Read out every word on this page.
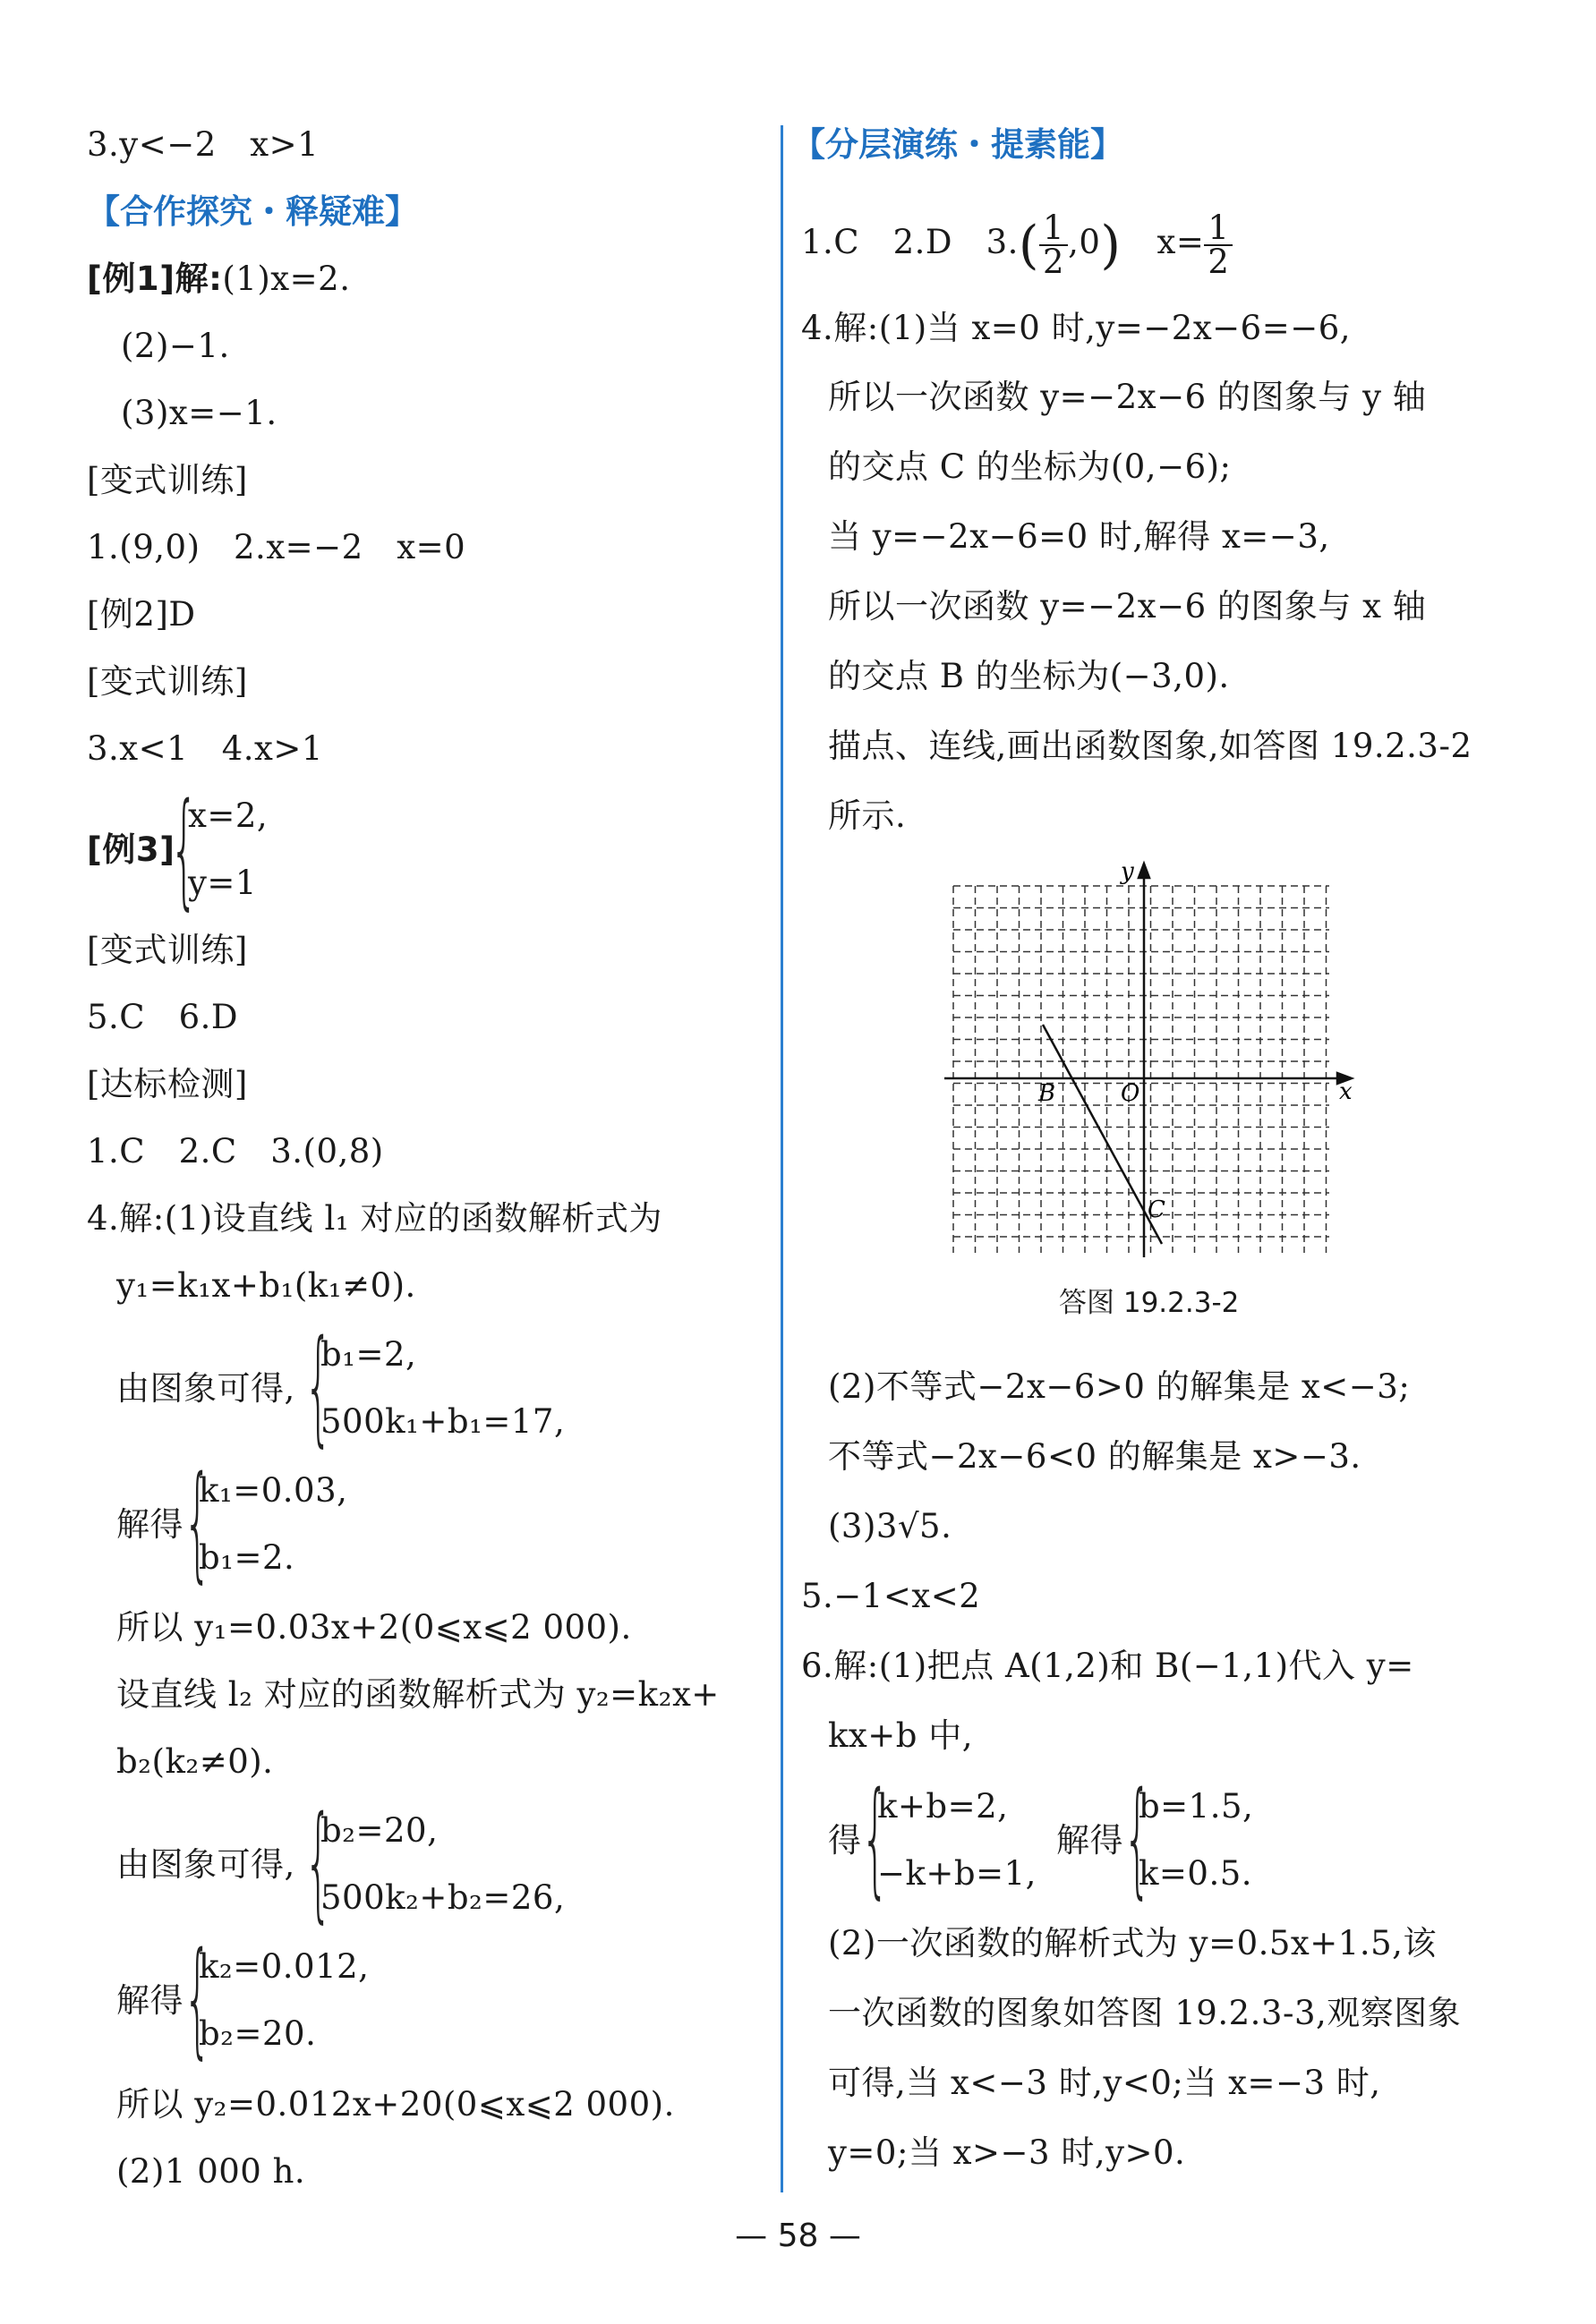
3.y<−2　x>1
【合作探究・释疑难】
[例1]解:(1)x=2.
(2)−1.
(3)x=−1.
[变式训练]
1.(9,0)　2.x=−2　x=0
[例2]D
[变式训练]
3.x<1　4.x>1
[例3]
{
x=2,
y=1
[变式训练]
5.C　6.D
[达标检测]
1.C　2.C　3.(0,8)
4.解:(1)设直线 l₁ 对应的函数解析式为
y₁=k₁x+b₁(k₁≠0).
由图象可得, {
b₁=2,
500k₁+b₁=17,
解得 {
k₁=0.03,
b₁=2.
所以 y₁=0.03x+2(0⩽x⩽2 000).
设直线 l₂ 对应的函数解析式为 y₂=k₂x+
b₂(k₂≠0).
由图象可得, {
b₂=20,
500k₂+b₂=26,
解得 {
k₂=0.012,
b₂=20.
所以 y₂=0.012x+20(0⩽x⩽2 000).
(2)1 000 h.
【分层演练・提素能】
1.C　2.D　$3.( \frac{1}{2} ,0)$ $x= \frac{1}{2}$
4.解:(1)当 x=0 时,y=−2x−6=−6,
所以一次函数 y=−2x−6 的图象与 y 轴
的交点 C 的坐标为(0,−6);
当 y=−2x−6=0 时,解得 x=−3,
所以一次函数 y=−2x−6 的图象与 x 轴
的交点 B 的坐标为(−3,0).
描点、连线,画出函数图象,如答图 19.2.3-2
所示.
y
x
O
B
C
答图 19.2.3-2
(2)不等式−2x−6>0 的解集是 x<−3;
不等式−2x−6<0 的解集是 x>−3.
(3)3√5.
5.−1<x<2
6.解:(1)把点 A(1,2)和 B(−1,1)代入 y=
kx+b 中,
得 {
k+b=2,
−k+b=1,
解得 {
b=1.5,
k=0.5.
(2)一次函数的解析式为 y=0.5x+1.5,该
一次函数的图象如答图 19.2.3-3,观察图象
可得,当 x<−3 时,y<0;当 x=−3 时,
y=0;当 x>−3 时,y>0.
— 58 —
